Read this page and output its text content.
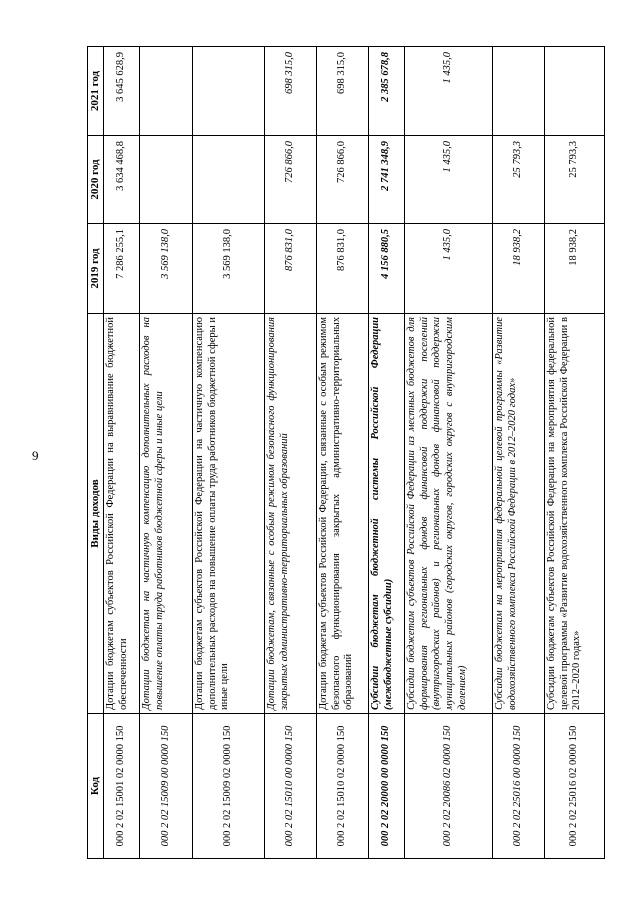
9
Код	Виды доходов	2019 год	2020 год	2021 год
000 2 02 15001 02 0000 150	Дотации бюджетам субъектов Российской Федерации на выравнивание бюджетной обеспеченности	7 286 255,1	3 634 468,8	3 645 628,9
000 2 02 15009 00 0000 150	Дотации бюджетам на частичную компенсацию дополнительных расходов на повышение оплаты труда работников бюджетной сферы и иные цели	3 569 138,0		
000 2 02 15009 02 0000 150	Дотации бюджетам субъектов Российской Федерации на частичную компенсацию дополнительных расходов на повышение оплаты труда работников бюджетной сферы и иные цели	3 569 138,0		
000 2 02 15010 00 0000 150	Дотации бюджетам, связанные с особым режимом безопасного функционирования закрытых административно-территориальных образований	876 831,0	726 866,0	698 315,0
000 2 02 15010 02 0000 150	Дотации бюджетам субъектов Российской Федерации, связанные с особым режимом безопасного функционирования закрытых административно-территориальных образований	876 831,0	726 866,0	698 315,0
000 2 02 20000 00 0000 150	Субсидии бюджетам бюджетной системы Российской Федерации (межбюджетные субсидии)	4 156 880,5	2 741 348,9	2 385 678,8
000 2 02 20086 02 0000 150	Субсидии бюджетам субъектов Российской Федерации из местных бюджетов для формирования региональных фондов финансовой поддержки поселений (внутригородских районов) и региональных фондов финансовой поддержки муниципальных районов (городских округов, городских округов с внутригородским делением)	1 435,0	1 435,0	1 435,0
000 2 02 25016 00 0000 150	Субсидии бюджетам на мероприятия федеральной целевой программы «Развитие водохозяйственного комплекса Российской Федерации в 2012–2020 годах»	18 938,2	25 793,3	
000 2 02 25016 02 0000 150	Субсидии бюджетам субъектов Российской Федерации на мероприятия федеральной целевой программы «Развитие водохозяйственного комплекса Российской Федерации в 2012–2020 годах»	18 938,2	25 793,3	
